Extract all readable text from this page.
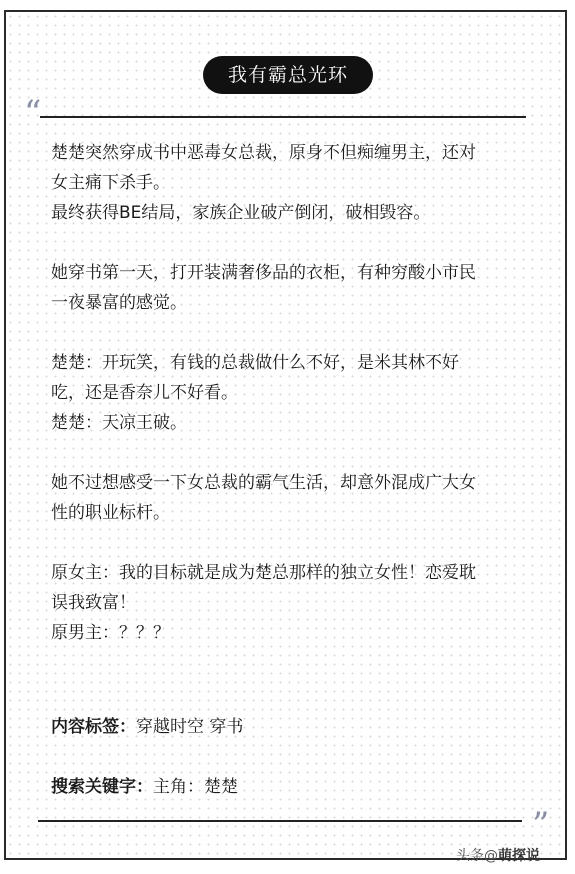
我有霸总光环
“
楚楚突然穿成书中恶毒女总裁，原身不但痴缠男主，还对
女主痛下杀手。
最终获得BE结局，家族企业破产倒闭，破相毁容。
她穿书第一天，打开装满奢侈品的衣柜，有种穷酸小市民
一夜暴富的感觉。
楚楚：开玩笑，有钱的总裁做什么不好，是米其林不好
吃，还是香奈儿不好看。
楚楚：天凉王破。
她不过想感受一下女总裁的霸气生活，却意外混成广大女
性的职业标杆。
原女主：我的目标就是成为楚总那样的独立女性！恋爱耽
误我致富！
原男主：？？？
内容标签：穿越时空 穿书
搜索关键字：主角：楚楚
”
头条@萌探说
